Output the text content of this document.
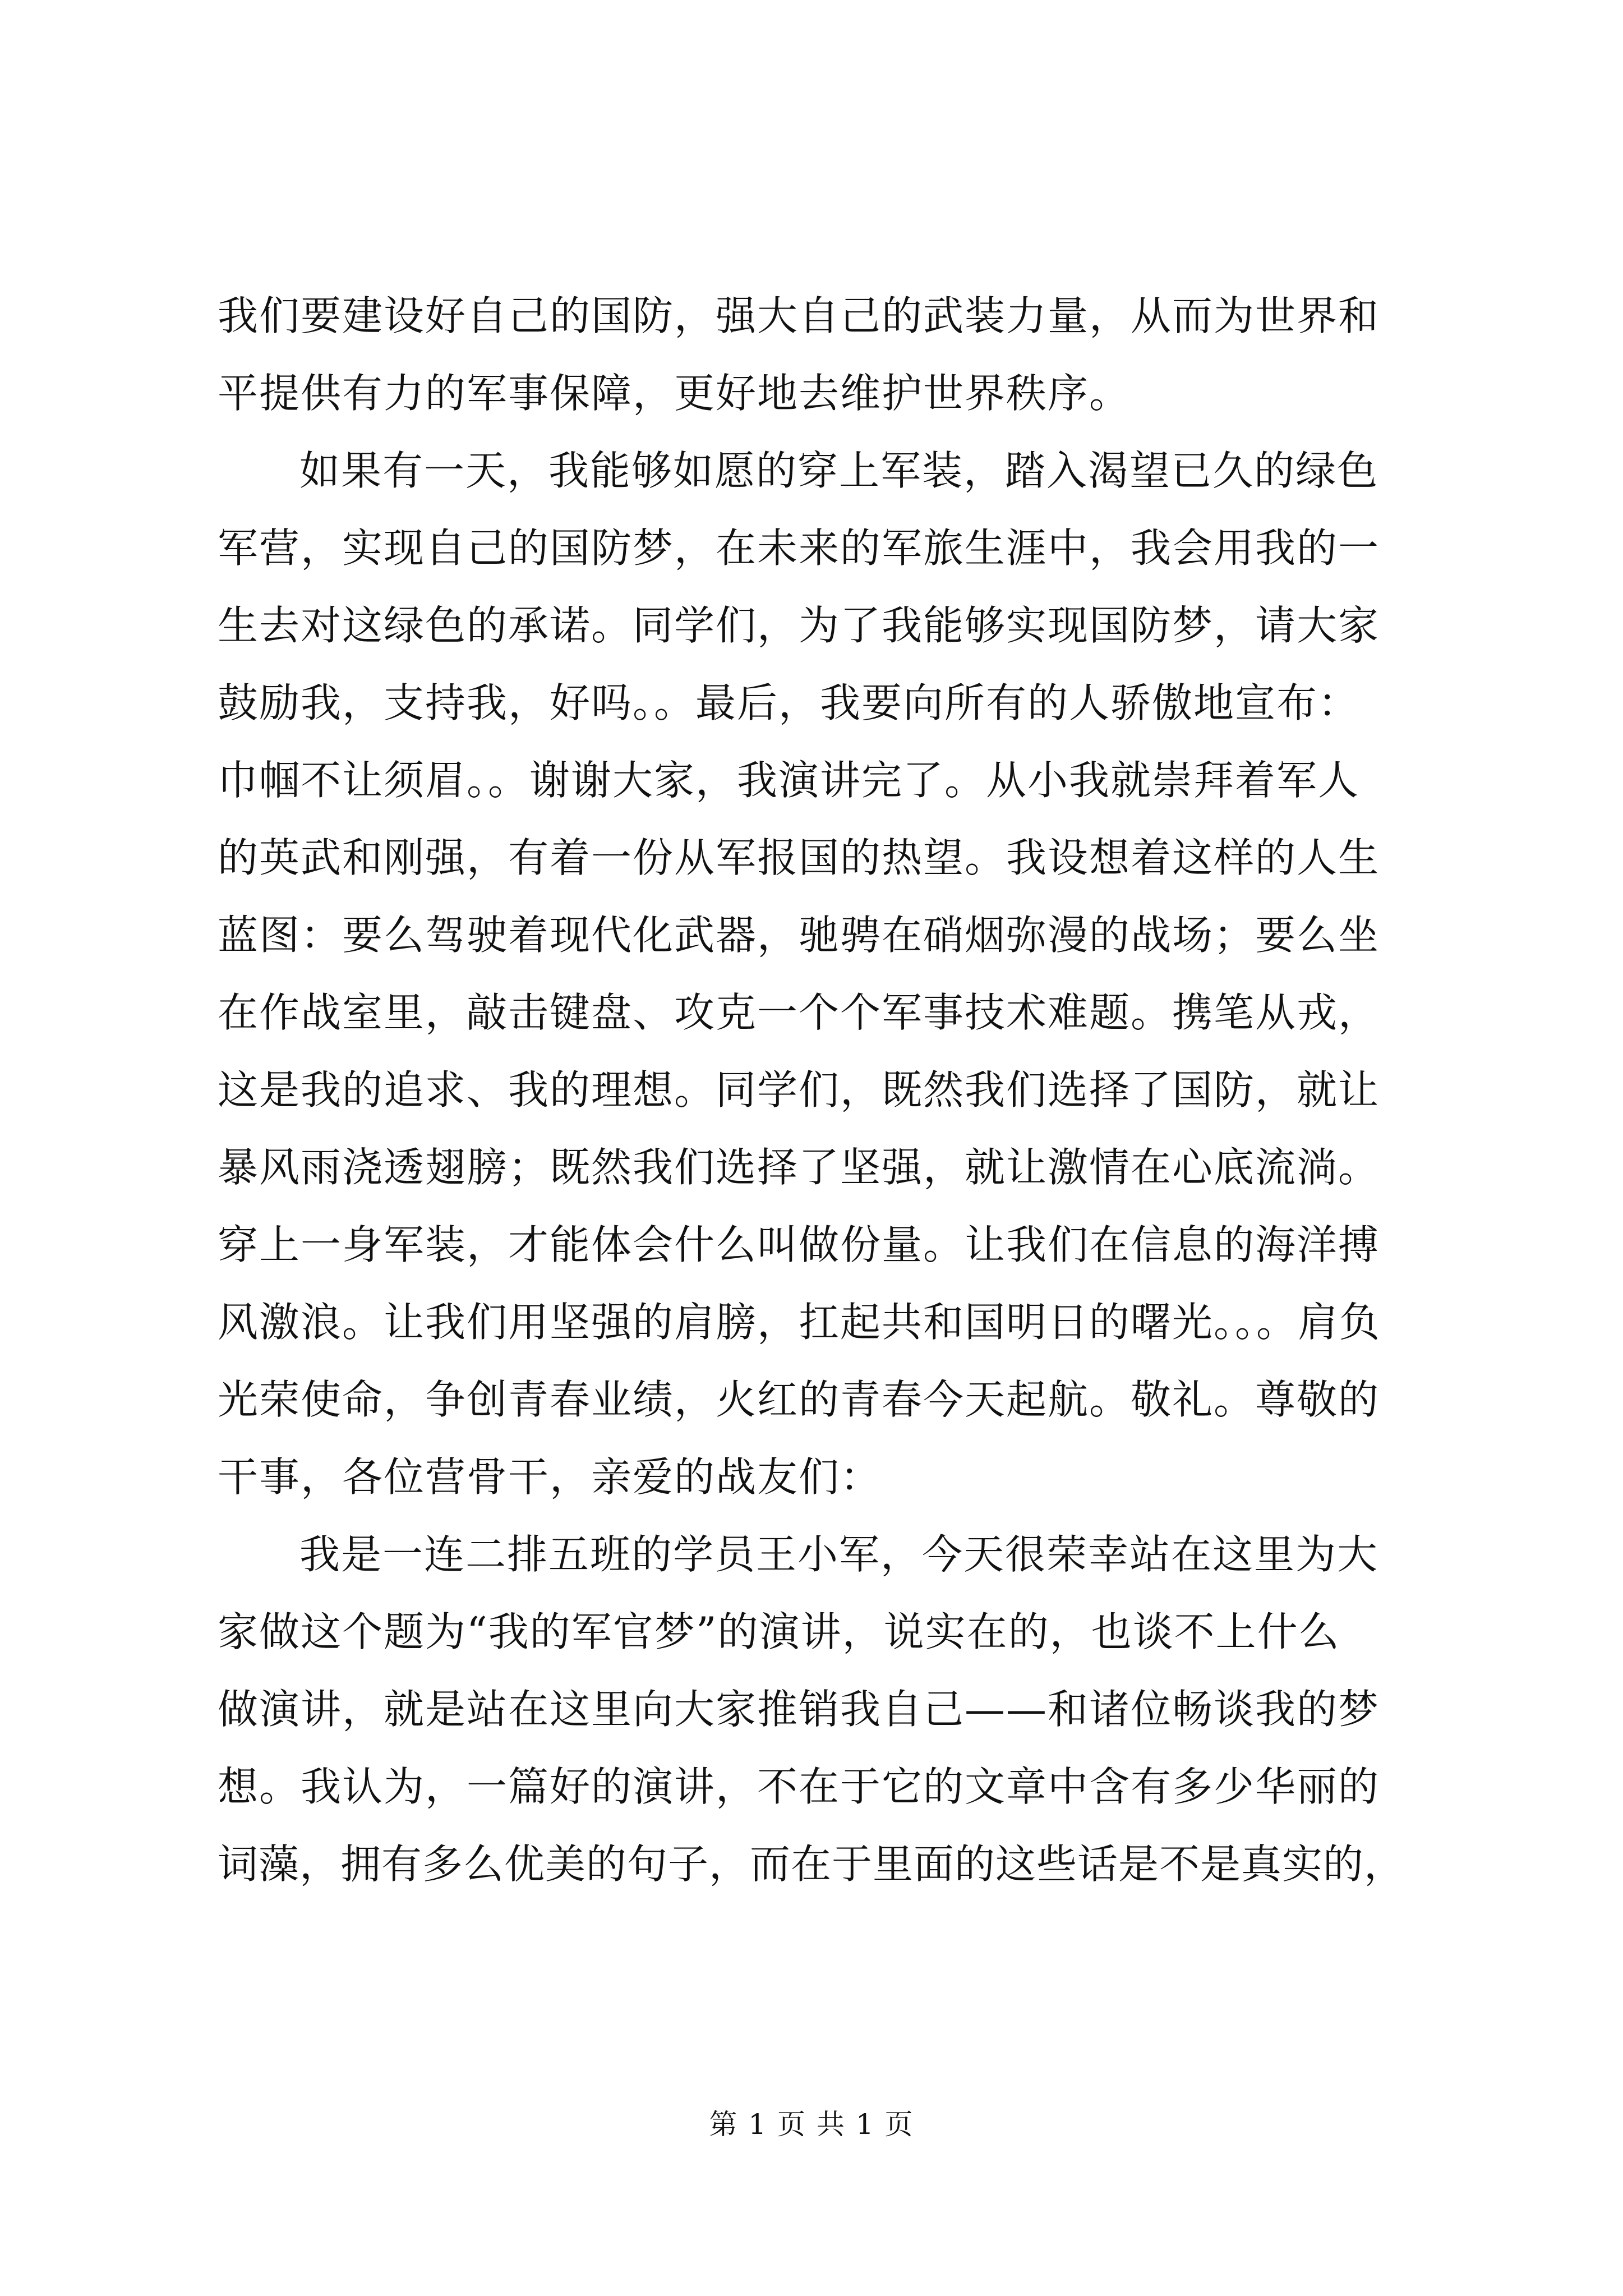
我们要建设好自己的国防，强大自己的武装力量，从而为世界和
平提供有力的军事保障，更好地去维护世界秩序。
如果有一天，我能够如愿的穿上军装，踏入渴望已久的绿色
军营，实现自己的国防梦，在未来的军旅生涯中，我会用我的一
生去对这绿色的承诺。同学们，为了我能够实现国防梦，请大家
鼓励我，支持我，好吗。。最后，我要向所有的人骄傲地宣布：
巾帼不让须眉。。谢谢大家，我演讲完了。从小我就崇拜着军人
的英武和刚强，有着一份从军报国的热望。我设想着这样的人生
蓝图：要么驾驶着现代化武器，驰骋在硝烟弥漫的战场；要么坐
在作战室里，敲击键盘、攻克一个个军事技术难题。携笔从戎，
这是我的追求、我的理想。同学们，既然我们选择了国防，就让
暴风雨浇透翅膀；既然我们选择了坚强，就让激情在心底流淌。
穿上一身军装，才能体会什么叫做份量。让我们在信息的海洋搏
风激浪。让我们用坚强的肩膀，扛起共和国明日的曙光。。。肩负
光荣使命，争创青春业绩，火红的青春今天起航。敬礼。尊敬的
干事，各位营骨干，亲爱的战友们：
我是一连二排五班的学员王小军，今天很荣幸站在这里为大
家做这个题为“我的军官梦”的演讲，说实在的，也谈不上什么
做演讲，就是站在这里向大家推销我自己——和诸位畅谈我的梦
想。我认为，一篇好的演讲，不在于它的文章中含有多少华丽的
词藻，拥有多么优美的句子，而在于里面的这些话是不是真实的，
第 1 页 共 1 页
